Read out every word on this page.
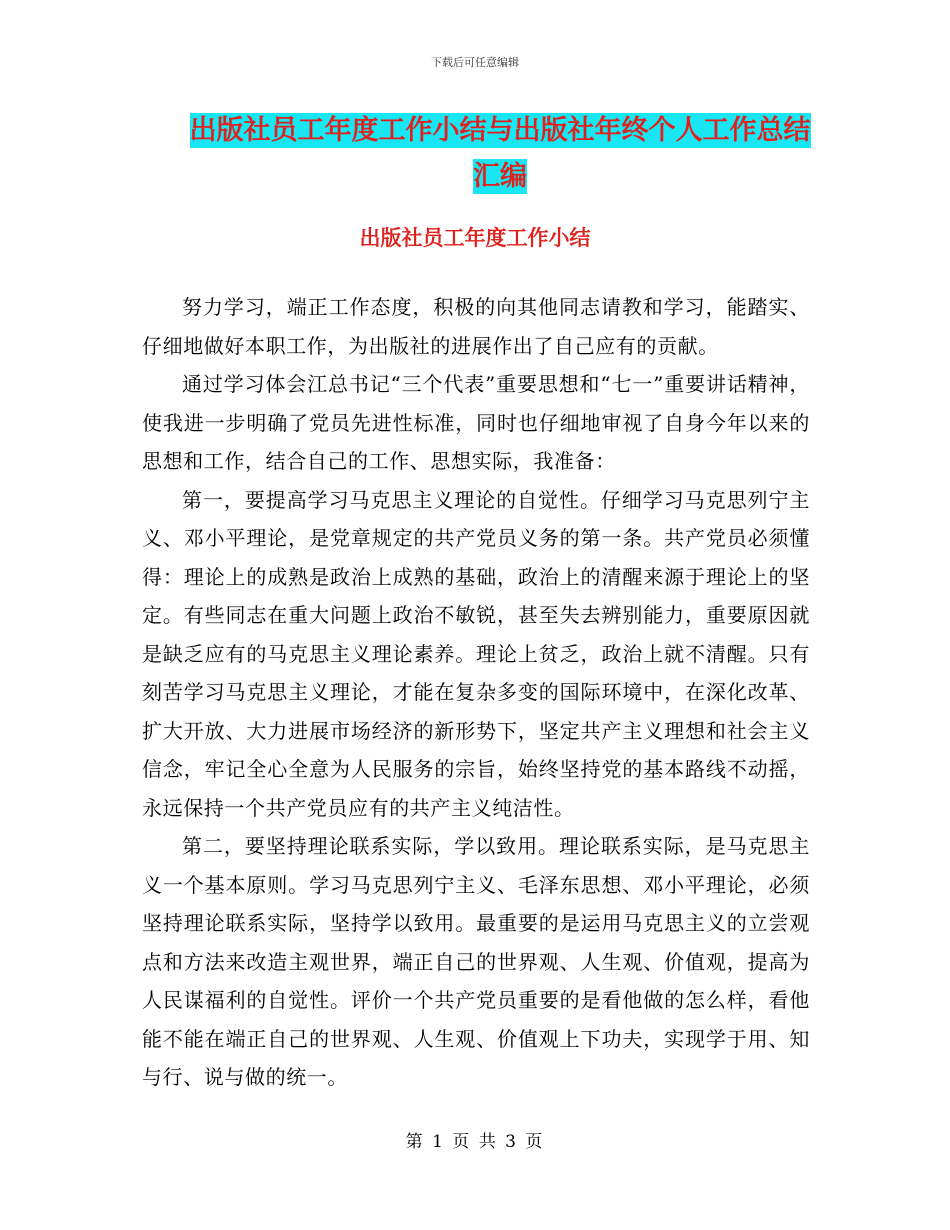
下载后可任意编辑
出版社员工年度工作小结与出版社年终个人工作总结
汇编
出版社员工年度工作小结

努力学习，端正工作态度，积极的向其他同志请教和学习，能踏实、仔细地做好本职工作，为出版社的进展作出了自己应有的贡献。

通过学习体会江总书记“三个代表”重要思想和“七一”重要讲话精神，使我进一步明确了党员先进性标准，同时也仔细地审视了自身今年以来的思想和工作，结合自己的工作、思想实际，我准备：

第一，要提高学习马克思主义理论的自觉性。仔细学习马克思列宁主义、邓小平理论，是党章规定的共产党员义务的第一条。共产党员必须懂得：理论上的成熟是政治上成熟的基础，政治上的清醒来源于理论上的坚定。有些同志在重大问题上政治不敏锐，甚至失去辨别能力，重要原因就是缺乏应有的马克思主义理论素养。理论上贫乏，政治上就不清醒。只有刻苦学习马克思主义理论，才能在复杂多变的国际环境中，在深化改革、扩大开放、大力进展市场经济的新形势下，坚定共产主义理想和社会主义信念，牢记全心全意为人民服务的宗旨，始终坚持党的基本路线不动摇，永远保持一个共产党员应有的共产主义纯洁性。

第二，要坚持理论联系实际，学以致用。理论联系实际，是马克思主义一个基本原则。学习马克思列宁主义、毛泽东思想、邓小平理论，必须坚持理论联系实际，坚持学以致用。最重要的是运用马克思主义的立尝观点和方法来改造主观世界，端正自己的世界观、人生观、价值观，提高为人民谋福利的自觉性。评价一个共产党员重要的是看他做的怎么样，看他能不能在端正自己的世界观、人生观、价值观上下功夫，实现学于用、知与行、说与做的统一。

第 1 页 共 3 页
